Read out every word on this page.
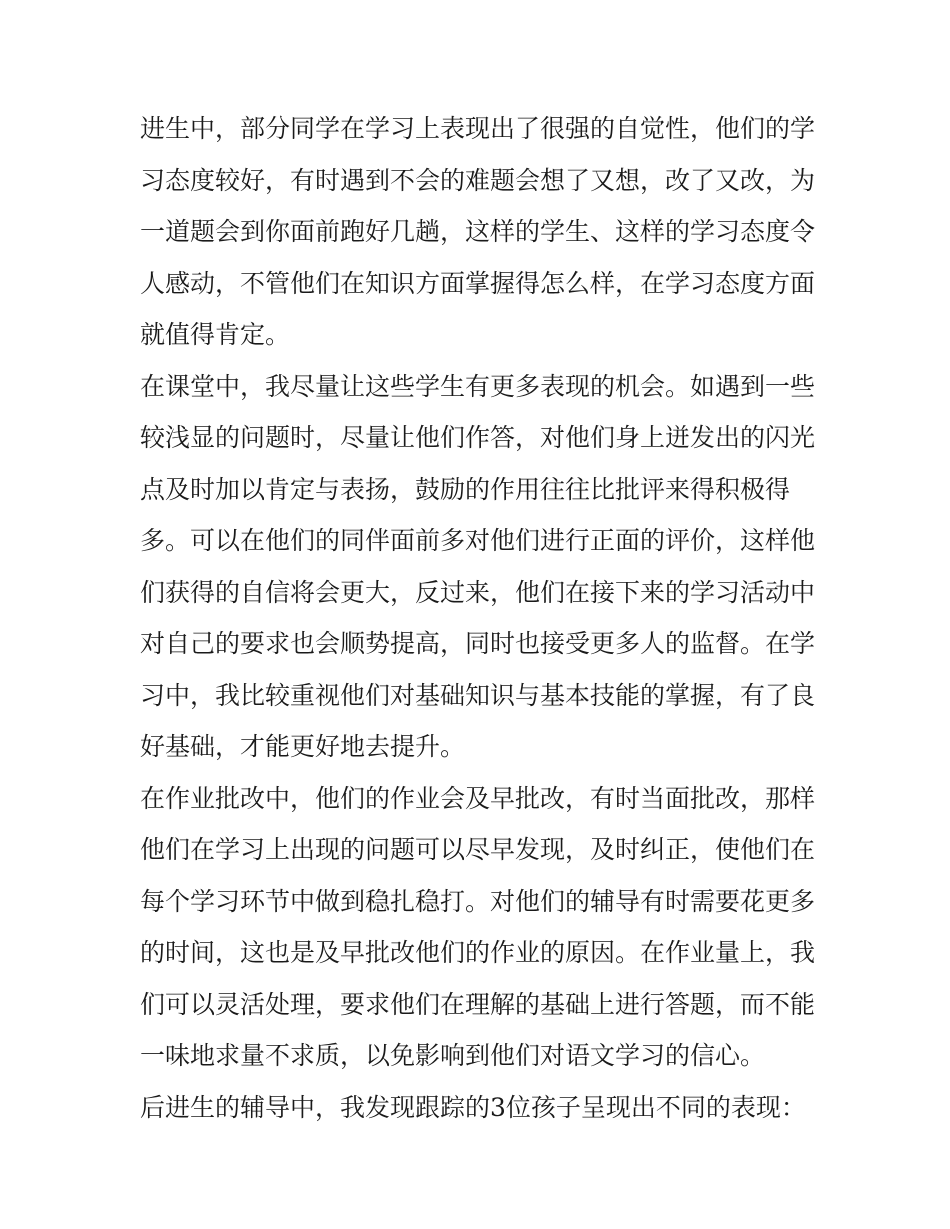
进生中，部分同学在学习上表现出了很强的自觉性，他们的学
习态度较好，有时遇到不会的难题会想了又想，改了又改，为
一道题会到你面前跑好几趟，这样的学生、这样的学习态度令
人感动，不管他们在知识方面掌握得怎么样，在学习态度方面
就值得肯定。
在课堂中，我尽量让这些学生有更多表现的机会。如遇到一些
较浅显的问题时，尽量让他们作答，对他们身上迸发出的闪光
点及时加以肯定与表扬，鼓励的作用往往比批评来得积极得
多。可以在他们的同伴面前多对他们进行正面的评价，这样他
们获得的自信将会更大，反过来，他们在接下来的学习活动中
对自己的要求也会顺势提高，同时也接受更多人的监督。在学
习中，我比较重视他们对基础知识与基本技能的掌握，有了良
好基础，才能更好地去提升。
在作业批改中，他们的作业会及早批改，有时当面批改，那样
他们在学习上出现的问题可以尽早发现，及时纠正，使他们在
每个学习环节中做到稳扎稳打。对他们的辅导有时需要花更多
的时间，这也是及早批改他们的作业的原因。在作业量上，我
们可以灵活处理，要求他们在理解的基础上进行答题，而不能
一味地求量不求质，以免影响到他们对语文学习的信心。
后进生的辅导中，我发现跟踪的3位孩子呈现出不同的表现：
